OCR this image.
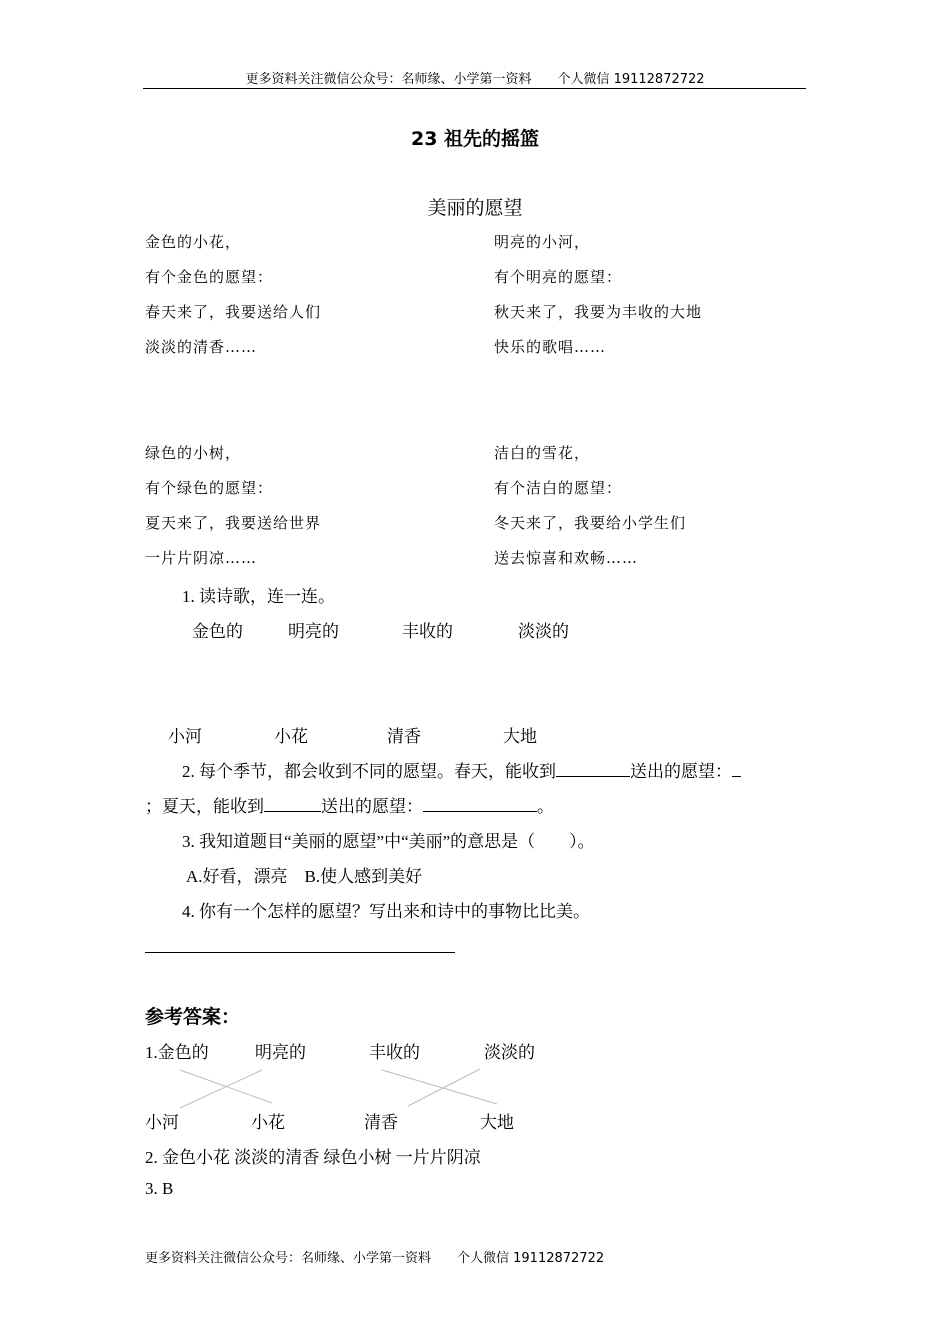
更多资料关注微信公众号：名师缘、小学第一资料　　个人微信 19112872722
23 祖先的摇篮
美丽的愿望
金色的小花，
有个金色的愿望：
春天来了，我要送给人们
淡淡的清香……
明亮的小河，
有个明亮的愿望：
秋天来了，我要为丰收的大地
快乐的歌唱……
绿色的小树，
有个绿色的愿望：
夏天来了，我要送给世界
一片片阴凉……
洁白的雪花，
有个洁白的愿望：
冬天来了，我要给小学生们
送去惊喜和欢畅……
1. 读诗歌，连一连。
金色的	明亮的	丰收的	淡淡的
小河	小花	清香	大地
2. 每个季节，都会收到不同的愿望。春天，能收到	送出的愿望：
；夏天，能收到	送出的愿望：	。
3. 我知道题目“美丽的愿望”中“美丽”的意思是（　　）。
A.好看，漂亮　B.使人感到美好
4. 你有一个怎样的愿望？写出来和诗中的事物比比美。
参考答案：
1.金色的	明亮的	丰收的	淡淡的
小河	小花	清香	大地
2. 金色小花 淡淡的清香 绿色小树 一片片阴凉
3. B
更多资料关注微信公众号：名师缘、小学第一资料　　个人微信 19112872722
